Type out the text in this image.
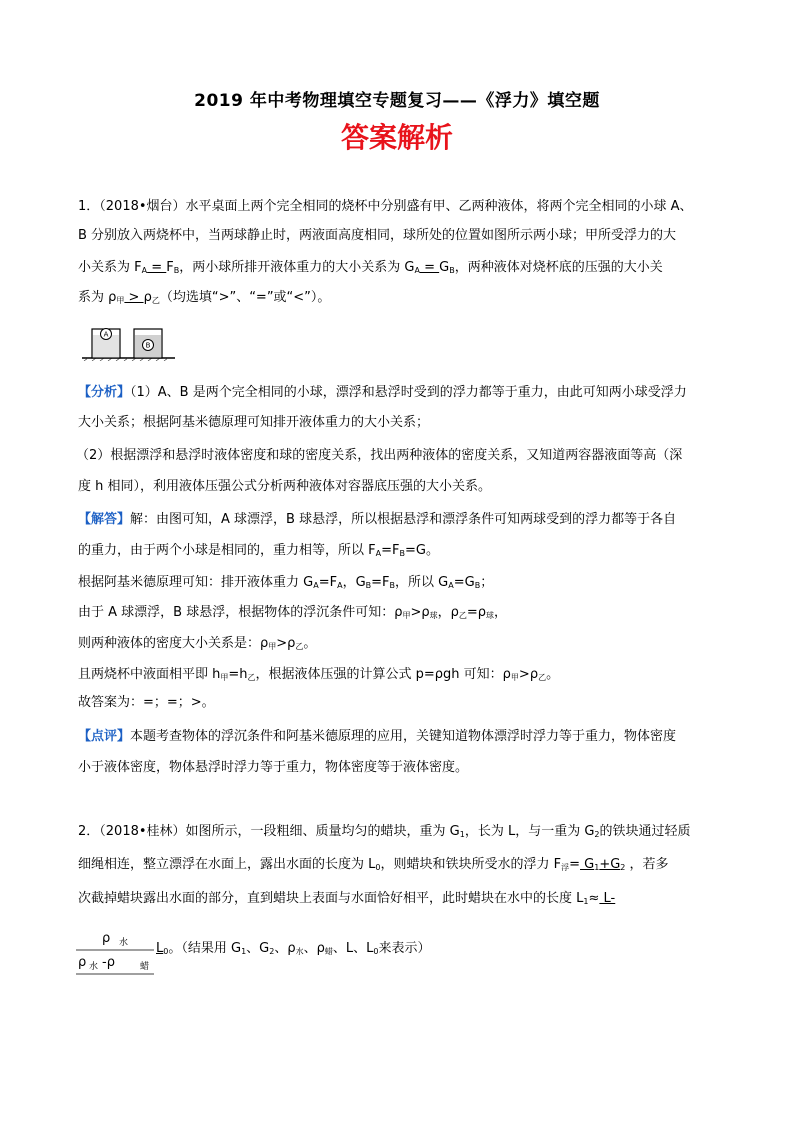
2019 年中考物理填空专题复习——《浮力》填空题
答案解析
1．（2018•烟台）水平桌面上两个完全相同的烧杯中分别盛有甲、乙两种液体，将两个完全相同的小球 A、
B 分别放入两烧杯中，当两球静止时，两液面高度相同，球所处的位置如图所示两小球；甲所受浮力的大
小关系为 $F_A = F_B$，两小球所排开液体重力的大小关系为 $G_A = G_B$，两种液体对烧杯底的压强的大小关
系为 $\rho_甲 > \rho_乙$（均选填“>”、“=”或“<”）。
A
B
【分析】（1）A、B 是两个完全相同的小球，漂浮和悬浮时受到的浮力都等于重力，由此可知两小球受浮力
大小关系；根据阿基米德原理可知排开液体重力的大小关系；
（2）根据漂浮和悬浮时液体密度和球的密度关系，找出两种液体的密度关系，又知道两容器液面等高（深
度 h 相同），利用液体压强公式分析两种液体对容器底压强的大小关系。
【解答】解：由图可知，A 球漂浮，B 球悬浮，所以根据悬浮和漂浮条件可知两球受到的浮力都等于各自
的重力，由于两个小球是相同的，重力相等，所以 $F_A=F_B=G$。
根据阿基米德原理可知：排开液体重力 $G_A=F_A$，$G_B=F_B$，所以 $G_A=G_B$；
由于 A 球漂浮，B 球悬浮，根据物体的浮沉条件可知：$\rho_甲>\rho_球$，$\rho_乙=\rho_球$，
则两种液体的密度大小关系是：$\rho_甲>\rho_乙$。
且两烧杯中液面相平即 $h_甲=h_乙$，根据液体压强的计算公式 p=ρgh 可知：$\rho_甲>\rho_乙$。
故答案为：=；=；>。
【点评】本题考查物体的浮沉条件和阿基米德原理的应用，关键知道物体漂浮时浮力等于重力，物体密度
小于液体密度，物体悬浮时浮力等于重力，物体密度等于液体密度。
2．（2018•桂林）如图所示，一段粗细、质量均匀的蜡块，重为 $G_1$，长为 L，与一重为 $G_2$的铁块通过轻质
细绳相连，整立漂浮在水面上，露出水面的长度为 $L_0$，则蜡块和铁块所受水的浮力 $F_浮= G_1+G_2$ ，若多
次截掉蜡块露出水面的部分，直到蜡块上表面与水面恰好相平，此时蜡块在水中的长度 $L_1\approx L-$
ρ 水
ρ 水 -ρ	蜡
$L_0$。（结果用 $G_1$、$G_2$、$\rho_水$、$\rho_蜡$、L、$L_0$来表示）
